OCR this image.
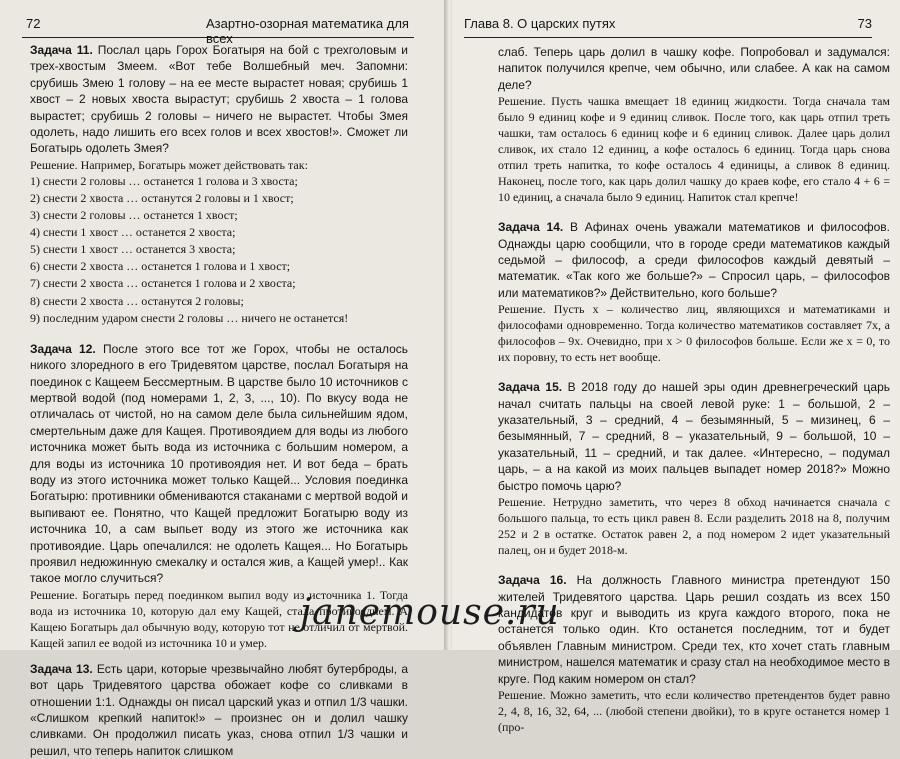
72	Азартно-озорная математика для всех
Задача 11. Послал царь Горох Богатыря на бой с трехголовым и трех-хвостым Змеем. «Вот тебе Волшебный меч. Запомни: срубишь Змею 1 голову – на ее месте вырастет новая; срубишь 1 хвост – 2 новых хвоста вырастут; срубишь 2 хвоста – 1 голова вырастет; срубишь 2 головы – ничего не вырастет. Чтобы Змея одолеть, надо лишить его всех голов и всех хвостов!». Сможет ли Богатырь одолеть Змея?
Решение. Например, Богатырь может действовать так:
1) снести 2 головы … останется 1 голова и 3 хвоста;
2) снести 2 хвоста … останутся 2 головы и 1 хвост;
3) снести 2 головы … останется 1 хвост;
4) снести 1 хвост … останется 2 хвоста;
5) снести 1 хвост … останется 3 хвоста;
6) снести 2 хвоста … останется 1 голова и 1 хвост;
7) снести 2 хвоста … останется 1 голова и 2 хвоста;
8) снести 2 хвоста … останутся 2 головы;
9) последним ударом снести 2 головы … ничего не останется!
Задача 12. После этого все тот же Горох, чтобы не осталось никого злоредного в его Тридевятом царстве, послал Богатыря на поединок с Кащеем Бессмертным. В царстве было 10 источников с мертвой водой (под номерами 1, 2, 3, ..., 10). По вкусу вода не отличалась от чистой, но на самом деле была сильнейшим ядом, смертельным даже для Кащея. Противоядием для воды из любого источника может быть вода из источника с большим номером, а для воды из источника 10 противоядия нет. И вот беда – брать воду из этого источника может только Кащей... Условия поединка Богатырю: противники обмениваются стаканами с мертвой водой и выпивают ее. Понятно, что Кащей предложит Богатырю воду из источника 10, а сам выпьет воду из этого же источника как противоядие. Царь опечалился: не одолеть Кащея... Но Богатырь проявил недюжинную смекалку и остался жив, а Кащей умер!.. Как такое могло случиться?
Решение. Богатырь перед поединком выпил воду из источника 1. Тогда вода из источника 10, которую дал ему Кащей, стала противоядием. А Кащею Богатырь дал обычную воду, которую тот не отличил от мертвой. Кащей запил ее водой из источника 10 и умер.
Задача 13. Есть цари, которые чрезвычайно любят бутерброды, а вот царь Тридевятого царства обожает кофе со сливками в отношении 1:1. Однажды он писал царский указ и отпил 1/3 чашки. «Слишком крепкий напиток!» – произнес он и долил чашку сливками. Он продолжил писать указ, снова отпил 1/3 чашки и решил, что теперь напиток слишком
Глава 8. О царских путях	73
слаб. Теперь царь долил в чашку кофе. Попробовал и задумался: напиток получился крепче, чем обычно, или слабее. А как на самом деле?
Решение. Пусть чашка вмещает 18 единиц жидкости. Тогда сначала там было 9 единиц кофе и 9 единиц сливок. После того, как царь отпил треть чашки, там осталось 6 единиц кофе и 6 единиц сливок. Далее царь долил сливок, их стало 12 единиц, а кофе осталось 6 единиц. Тогда царь снова отпил треть напитка, то кофе осталось 4 единицы, а сливок 8 единиц. Наконец, после того, как царь долил чашку до краев кофе, его стало 4 + 6 = 10 единиц, а сначала было 9 единиц. Напиток стал крепче!
Задача 14. В Афинах очень уважали математиков и философов. Однажды царю сообщили, что в городе среди математиков каждый седьмой – философ, а среди философов каждый девятый – математик. «Так кого же больше?» – Спросил царь, – философов или математиков?» Действительно, кого больше?
Решение. Пусть x – количество лиц, являющихся и математиками и философами одновременно. Тогда количество математиков составляет 7x, а философов – 9x. Очевидно, при x > 0 философов больше. Если же x = 0, то их поровну, то есть нет вообще.
Задача 15. В 2018 году до нашей эры один древнегреческий царь начал считать пальцы на своей левой руке: 1 – большой, 2 – указательный, 3 – средний, 4 – безымянный, 5 – мизинец, 6 – безымянный, 7 – средний, 8 – указательный, 9 – большой, 10 – указательный, 11 – средний, и так далее. «Интересно, – подумал царь, – а на какой из моих пальцев выпадет номер 2018?» Можно быстро помочь царю?
Решение. Нетрудно заметить, что через 8 обход начинается сначала с большого пальца, то есть цикл равен 8. Если разделить 2018 на 8, получим 252 и 2 в остатке. Остаток равен 2, а под номером 2 идет указательный палец, он и будет 2018-м.
Задача 16. На должность Главного министра претендуют 150 жителей Тридевятого царства. Царь решил создать из всех 150 кандидатов круг и выводить из круга каждого второго, пока не останется только один. Кто останется последним, тот и будет объявлен Главным министром. Среди тех, кто хочет стать главным министром, нашелся математик и сразу стал на необходимое место в круге. Под каким номером он стал?
Решение. Можно заметить, что если количество претендентов будет равно 2, 4, 8, 16, 32, 64, ... (любой степени двойки), то в круге останется номер 1 (про-
janemouse.ru
